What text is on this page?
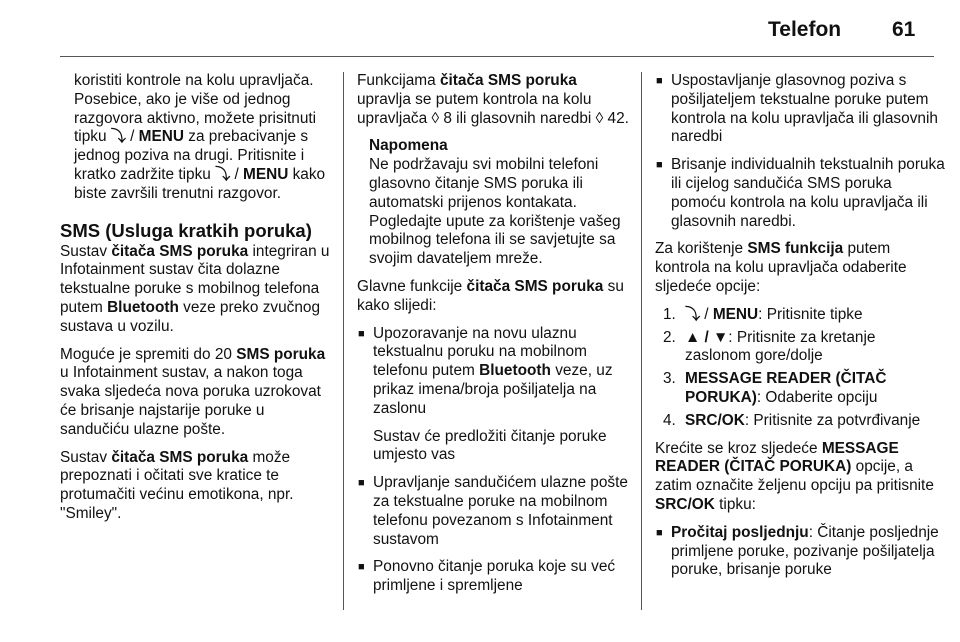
Telefon 61

koristiti kontrole na kolu upravljača. Posebice, ako je više od jednog razgovora aktivno, možete prisitnuti tipku ⤵ / MENU za prebacivanje s jednog poziva na drugi. Pritisnite i kratko zadržite tipku ⤵ / MENU kako biste završili trenutni razgovor.

SMS (Usluga kratkih poruka)

Sustav čitača SMS poruka integriran u Infotainment sustav čita dolazne tekstualne poruke s mobilnog telefona putem Bluetooth veze preko zvučnog sustava u vozilu.

Moguće je spremiti do 20 SMS poruka u Infotainment sustav, a nakon toga svaka sljedeća nova poruka uzrokovat će brisanje najstarije poruke u sandučiću ulazne pošte.

Sustav čitača SMS poruka može prepoznati i očitati sve kratice te protumačiti većinu emotikona, npr. "Smiley".

Funkcijama čitača SMS poruka upravlja se putem kontrola na kolu upravljača ◊ 8 ili glasovnih naredbi ◊ 42.

Napomena
Ne podržavaju svi mobilni telefoni glasovno čitanje SMS poruka ili automatski prijenos kontakata. Pogledajte upute za korištenje vašeg mobilnog telefona ili se savjetujte sa svojim davateljem mreže.

Glavne funkcije čitača SMS poruka su kako slijedi:

■ Upozoravanje na novu ulaznu tekstualnu poruku na mobilnom telefonu putem Bluetooth veze, uz prikaz imena/broja pošiljatelja na zaslonu
Sustav će predložiti čitanje poruke umjesto vas
■ Upravljanje sandučićem ulazne pošte za tekstualne poruke na mobilnom telefonu povezanom s Infotainment sustavom
■ Ponovno čitanje poruka koje su već primljene i spremljene
■ Uspostavljanje glasovnog poziva s pošiljateljem tekstualne poruke putem kontrola na kolu upravljača ili glasovnih naredbi
■ Brisanje individualnih tekstualnih poruka ili cijelog sandučića SMS poruka pomoću kontrola na kolu upravljača ili glasovnih naredbi.

Za korištenje SMS funkcija putem kontrola na kolu upravljača odaberite sljedeće opcije:

1. ⤵ / MENU: Pritisnite tipke
2. ▲ / ▼: Pritisnite za kretanje zaslonom gore/dolje
3. MESSAGE READER (ČITAČ PORUKA): Odaberite opciju
4. SRC/OK: Pritisnite za potvrđivanje

Krećite se kroz sljedeće MESSAGE READER (ČITAČ PORUKA) opcije, a zatim označite željenu opciju pa pritisnite SRC/OK tipku:

■ Pročitaj posljednju: Čitanje posljednje primljene poruke, pozivanje pošiljatelja poruke, brisanje poruke
